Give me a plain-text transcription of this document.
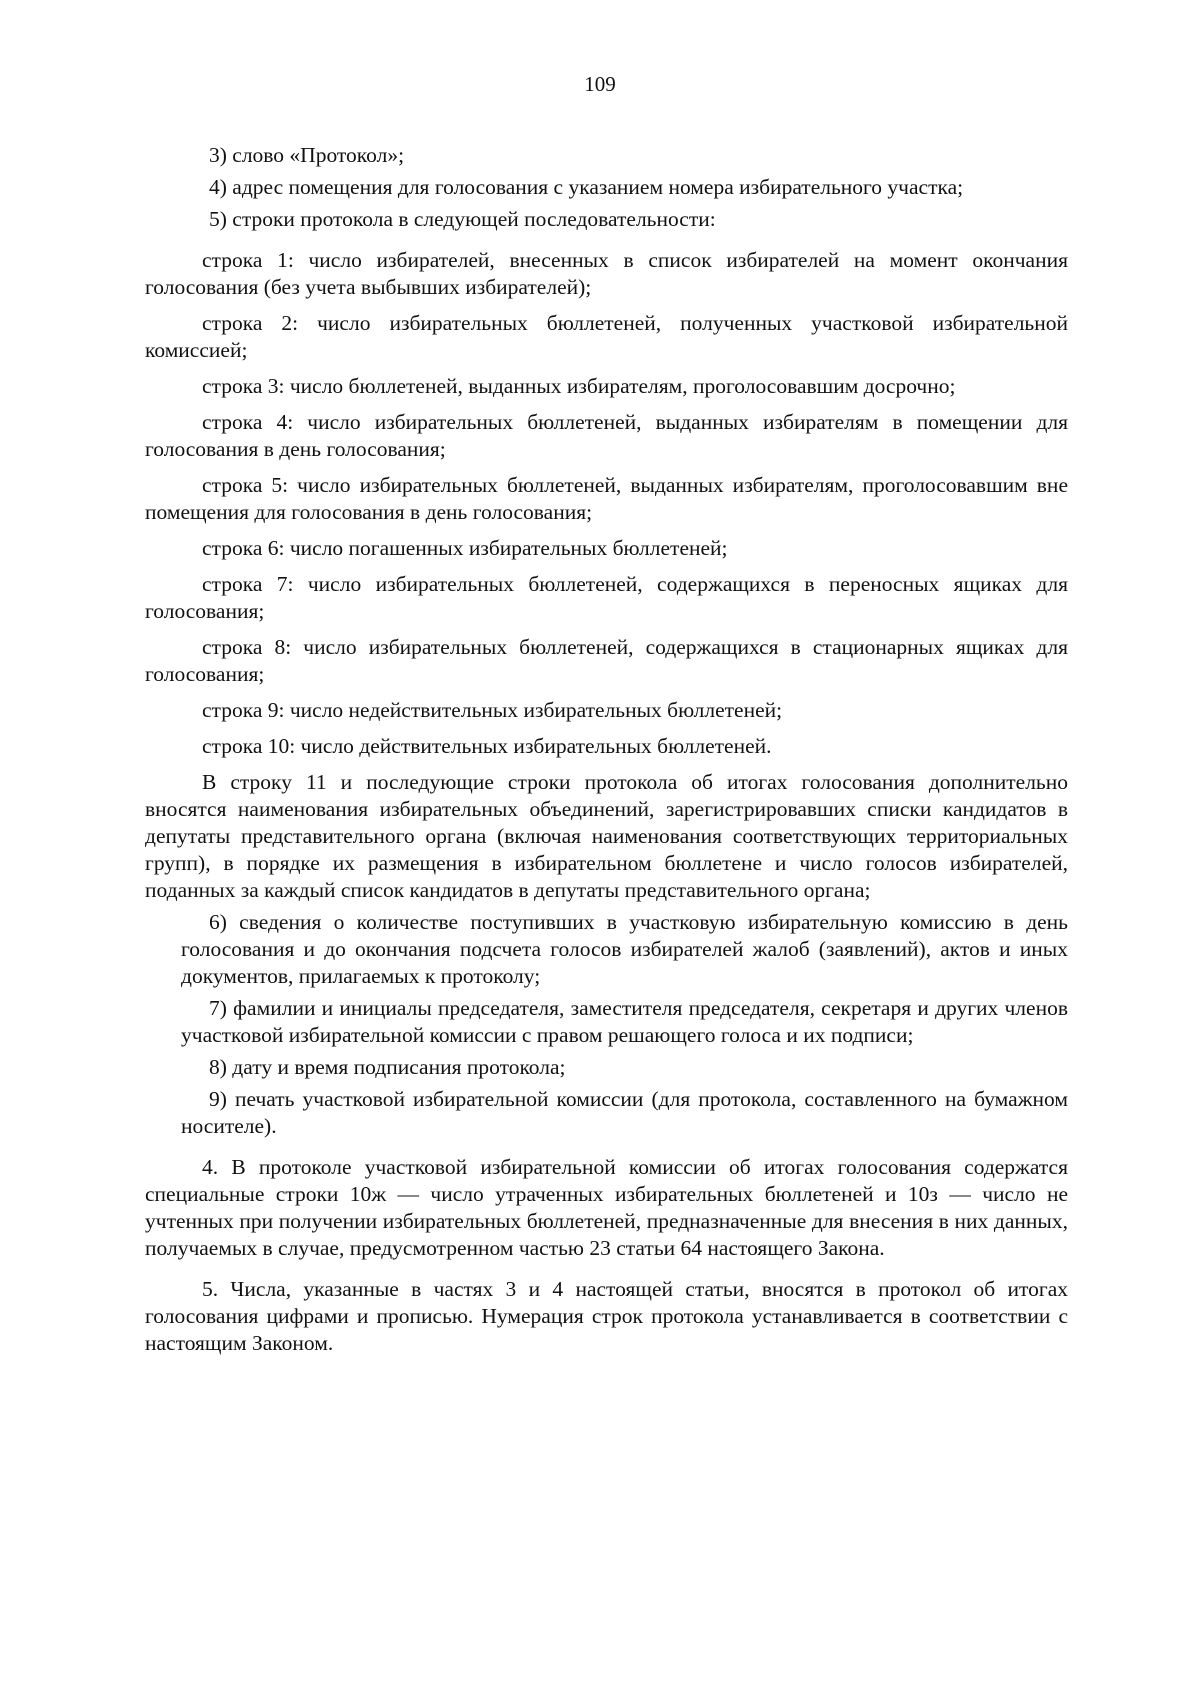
109

3) слово «Протокол»;

4) адрес помещения для голосования с указанием номера избирательного участка;

5) строки протокола в следующей последовательности:

строка 1: число избирателей, внесенных в список избирателей на момент окончания голосования (без учета выбывших избирателей);

строка 2: число избирательных бюллетеней, полученных участковой избирательной комиссией;

строка 3: число бюллетеней, выданных избирателям, проголосовавшим досрочно;

строка 4: число избирательных бюллетеней, выданных избирателям в помещении для голосования в день голосования;

строка 5: число избирательных бюллетеней, выданных избирателям, проголосовавшим вне помещения для голосования в день голосования;

строка 6: число погашенных избирательных бюллетеней;

строка 7: число избирательных бюллетеней, содержащихся в переносных ящиках для голосования;

строка 8: число избирательных бюллетеней, содержащихся в стационарных ящиках для голосования;

строка 9: число недействительных избирательных бюллетеней;

строка 10: число действительных избирательных бюллетеней.

В строку 11 и последующие строки протокола об итогах голосования дополнительно вносятся наименования избирательных объединений, зарегистрировавших списки кандидатов в депутаты представительного органа (включая наименования соответствующих территориальных групп), в порядке их размещения в избирательном бюллетене и число голосов избирателей, поданных за каждый список кандидатов в депутаты представительного органа;

6) сведения о количестве поступивших в участковую избирательную комиссию в день голосования и до окончания подсчета голосов избирателей жалоб (заявлений), актов и иных документов, прилагаемых к протоколу;

7) фамилии и инициалы председателя, заместителя председателя, секретаря и других членов участковой избирательной комиссии с правом решающего голоса и их подписи;

8) дату и время подписания протокола;

9) печать участковой избирательной комиссии (для протокола, составленного на бумажном носителе).

4. В протоколе участковой избирательной комиссии об итогах голосования содержатся специальные строки 10ж — число утраченных избирательных бюллетеней и 10з — число не учтенных при получении избирательных бюллетеней, предназначенные для внесения в них данных, получаемых в случае, предусмотренном частью 23 статьи 64 настоящего Закона.

5. Числа, указанные в частях 3 и 4 настоящей статьи, вносятся в протокол об итогах голосования цифрами и прописью. Нумерация строк протокола устанавливается в соответствии с настоящим Законом.
